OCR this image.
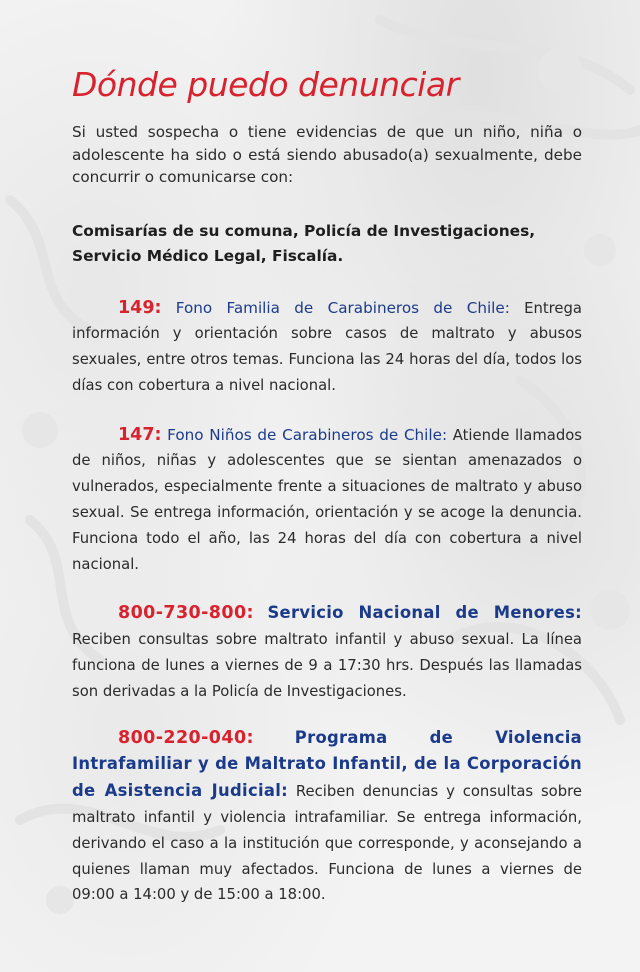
Dónde puedo denunciar

Si usted sospecha o tiene evidencias de que un niño, niña o adolescente ha sido o está siendo abusado(a) sexualmente, debe concurrir o comunicarse con:

Comisarías de su comuna, Policía de Investigaciones, Servicio Médico Legal, Fiscalía.

149: Fono Familia de Carabineros de Chile: Entrega información y orientación sobre casos de maltrato y abusos sexuales, entre otros temas. Funciona las 24 horas del día, todos los días con cobertura a nivel nacional.

147: Fono Niños de Carabineros de Chile: Atiende llamados de niños, niñas y adolescentes que se sientan amenazados o vulnerados, especialmente frente a situaciones de maltrato y abuso sexual. Se entrega información, orientación y se acoge la denuncia. Funciona todo el año, las 24 horas del día con cobertura a nivel nacional.

800-730-800: Servicio Nacional de Menores: Reciben consultas sobre maltrato infantil y abuso sexual. La línea funciona de lunes a viernes de 9 a 17:30 hrs. Después las llamadas son derivadas a la Policía de Investigaciones.

800-220-040: Programa de Violencia Intrafamiliar y de Maltrato Infantil, de la Corporación de Asistencia Judicial: Reciben denuncias y consultas sobre maltrato infantil y violencia intrafamiliar. Se entrega información, derivando el caso a la institución que corresponde, y aconsejando a quienes llaman muy afectados. Funciona de lunes a viernes de 09:00 a 14:00 y de 15:00 a 18:00.
